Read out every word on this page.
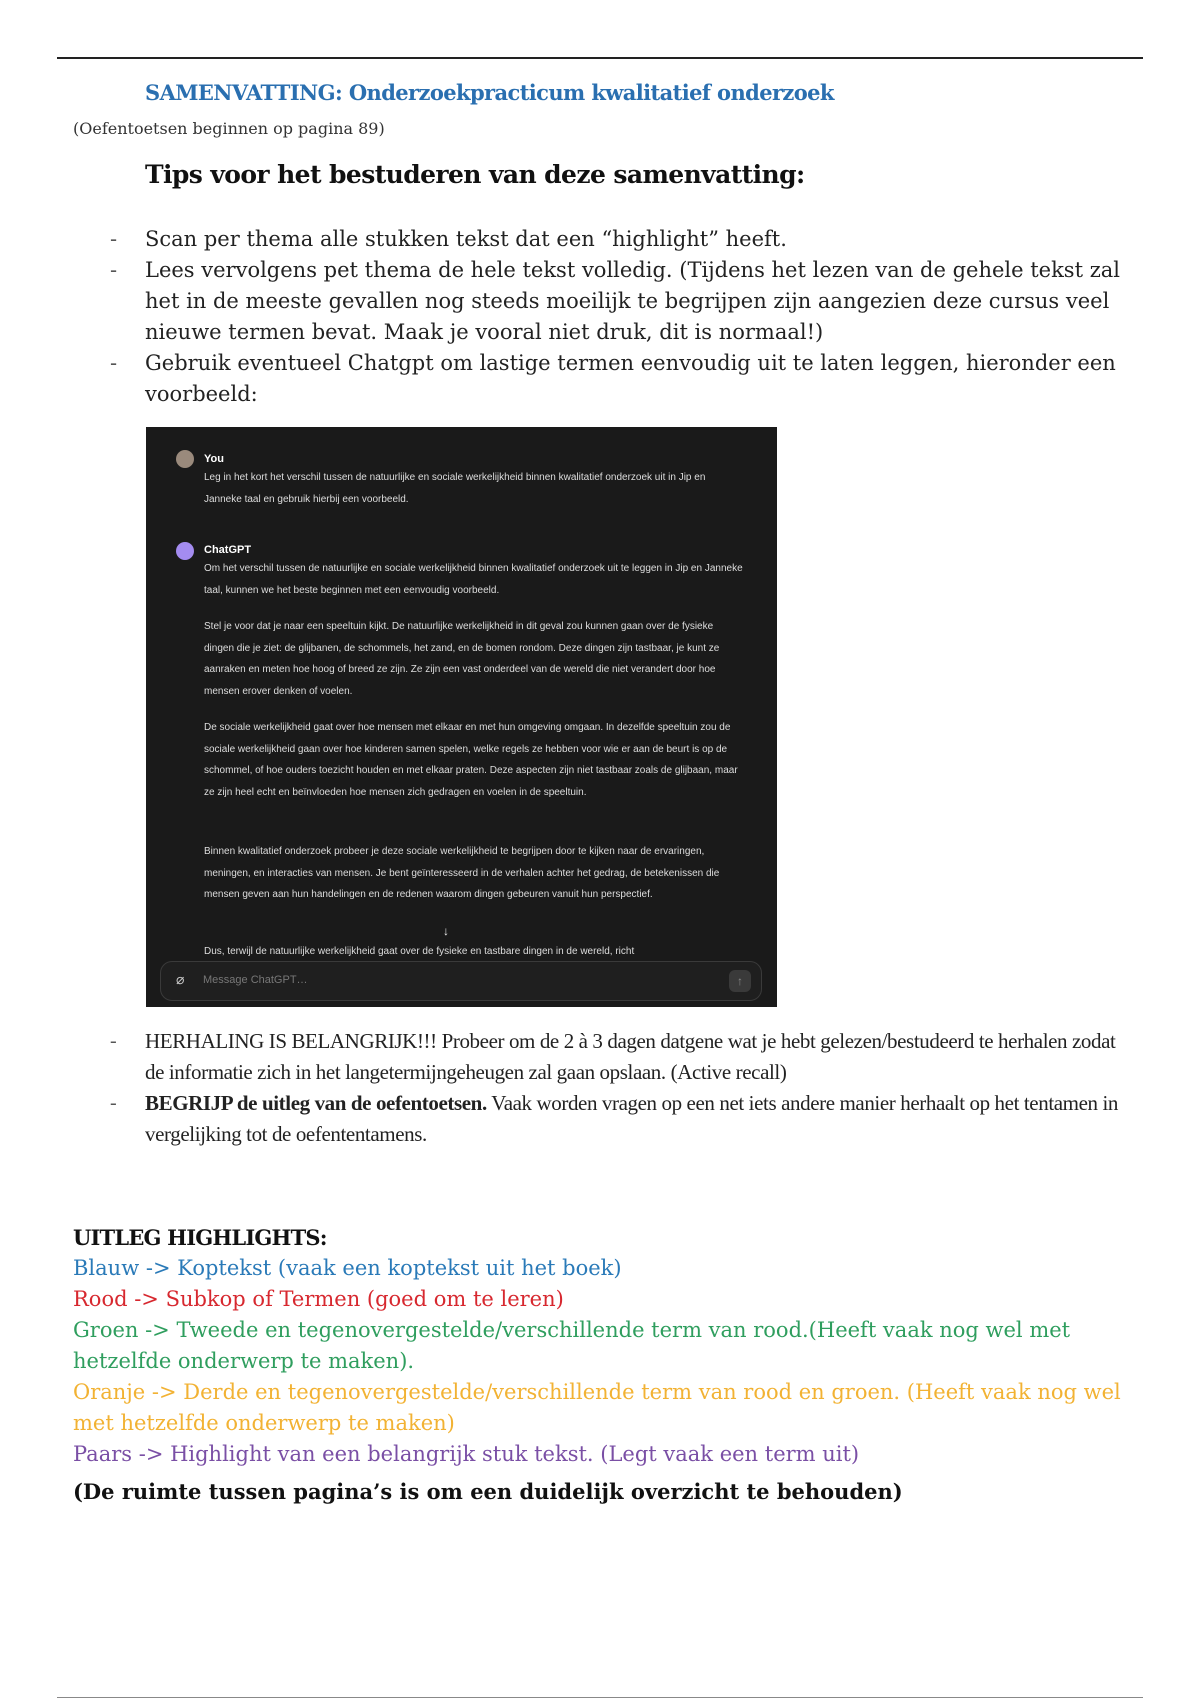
SAMENVATTING: Onderzoekpracticum kwalitatief onderzoek
(Oefentoetsen beginnen op pagina 89)
Tips voor het bestuderen van deze samenvatting:
-	Scan per thema alle stukken tekst dat een “highlight” heeft.
-	Lees vervolgens pet thema de hele tekst volledig. (Tijdens het lezen van de gehele tekst zal het in de meeste gevallen nog steeds moeilijk te begrijpen zijn aangezien deze cursus veel nieuwe termen bevat. Maak je vooral niet druk, dit is normaal!)
-	Gebruik eventueel Chatgpt om lastige termen eenvoudig uit te laten leggen, hieronder een voorbeeld:
You
Leg in het kort het verschil tussen de natuurlijke en sociale werkelijkheid binnen kwalitatief onderzoek uit in Jip en Janneke taal en gebruik hierbij een voorbeeld.
ChatGPT
Om het verschil tussen de natuurlijke en sociale werkelijkheid binnen kwalitatief onderzoek uit te leggen in Jip en Janneke taal, kunnen we het beste beginnen met een eenvoudig voorbeeld.
Stel je voor dat je naar een speeltuin kijkt. De natuurlijke werkelijkheid in dit geval zou kunnen gaan over de fysieke dingen die je ziet: de glijbanen, de schommels, het zand, en de bomen rondom. Deze dingen zijn tastbaar, je kunt ze aanraken en meten hoe hoog of breed ze zijn. Ze zijn een vast onderdeel van de wereld die niet verandert door hoe mensen erover denken of voelen.
De sociale werkelijkheid gaat over hoe mensen met elkaar en met hun omgeving omgaan. In dezelfde speeltuin zou de sociale werkelijkheid gaan over hoe kinderen samen spelen, welke regels ze hebben voor wie er aan de beurt is op de schommel, of hoe ouders toezicht houden en met elkaar praten. Deze aspecten zijn niet tastbaar zoals de glijbaan, maar ze zijn heel echt en beïnvloeden hoe mensen zich gedragen en voelen in de speeltuin.
Binnen kwalitatief onderzoek probeer je deze sociale werkelijkheid te begrijpen door te kijken naar de ervaringen, meningen, en interacties van mensen. Je bent geïnteresseerd in de verhalen achter het gedrag, de betekenissen die mensen geven aan hun handelingen en de redenen waarom dingen gebeuren vanuit hun perspectief.
Dus, terwijl de natuurlijke werkelijkheid gaat over de fysieke en tastbare dingen in de wereld, richt
↓
⌀ Message ChatGPT…	↑
-	HERHALING IS BELANGRIJK!!! Probeer om de 2 à 3 dagen datgene wat je hebt gelezen/bestudeerd te herhalen zodat de informatie zich in het langetermijngeheugen zal gaan opslaan. (Active recall)
-	BEGRIJP de uitleg van de oefentoetsen. Vaak worden vragen op een net iets andere manier herhaalt op het tentamen in vergelijking tot de oefententamens.
UITLEG HIGHLIGHTS:
Blauw -> Koptekst (vaak een koptekst uit het boek)
Rood -> Subkop of Termen (goed om te leren)
Groen -> Tweede en tegenovergestelde/verschillende term van rood.(Heeft vaak nog wel met hetzelfde onderwerp te maken).
Oranje -> Derde en tegenovergestelde/verschillende term van rood en groen. (Heeft vaak nog wel met hetzelfde onderwerp te maken)
Paars -> Highlight van een belangrijk stuk tekst. (Legt vaak een term uit)
(De ruimte tussen pagina’s is om een duidelijk overzicht te behouden)
